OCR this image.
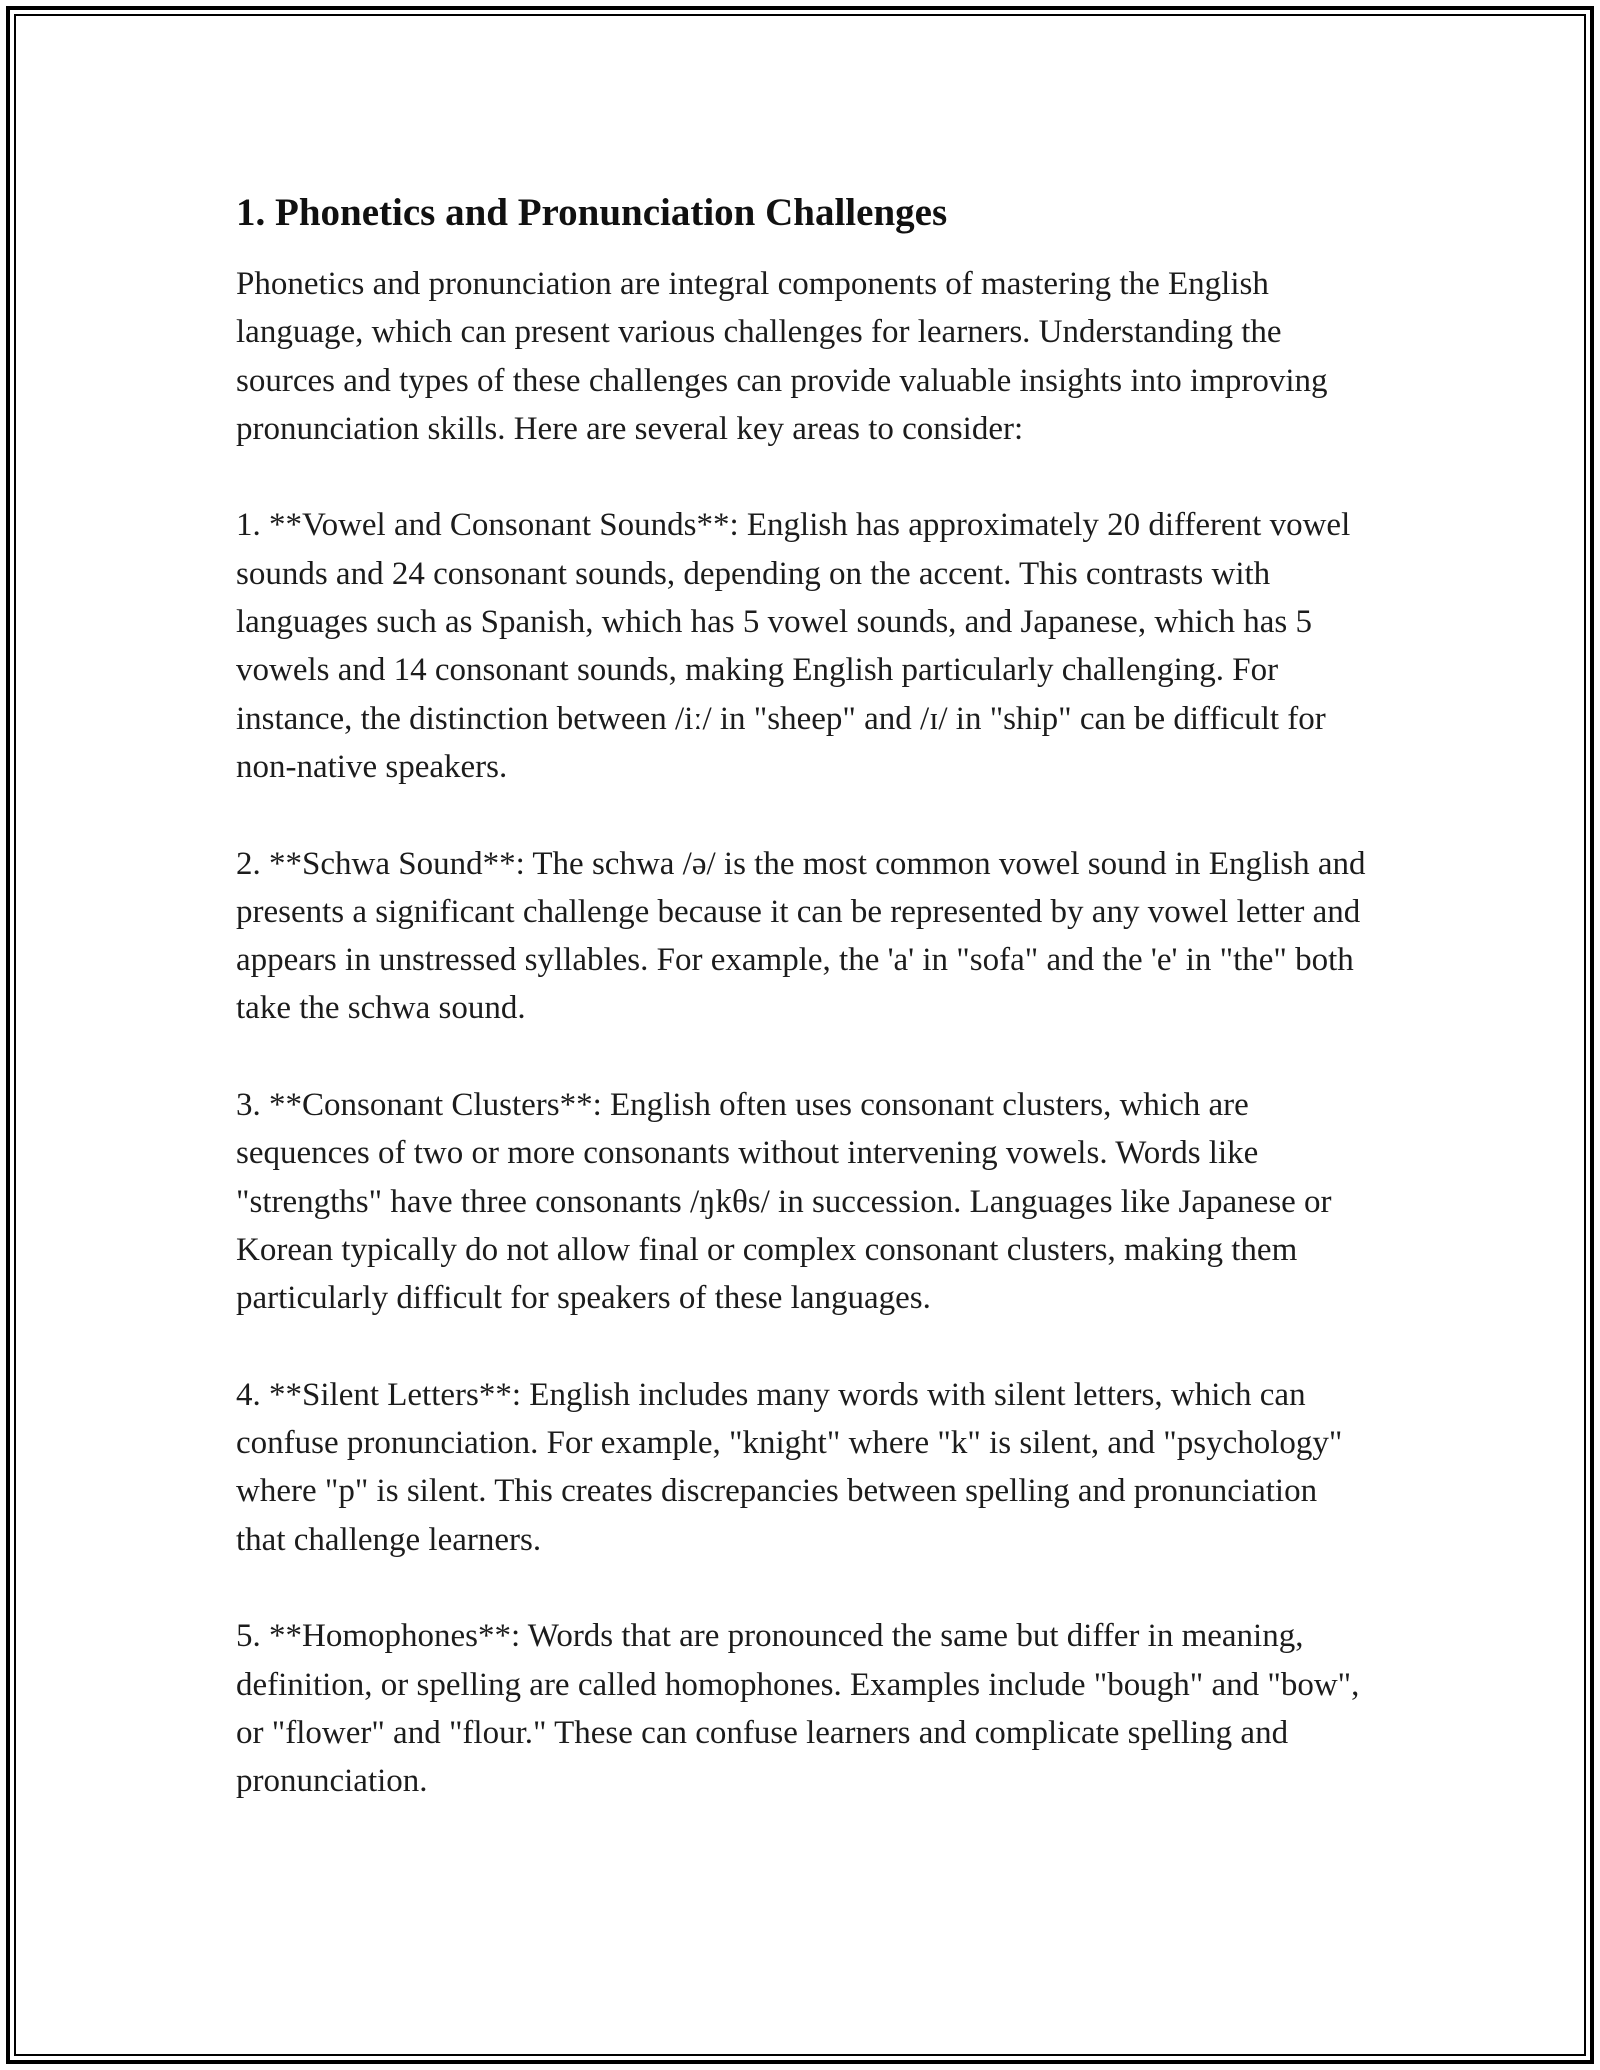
1. Phonetics and Pronunciation Challenges

Phonetics and pronunciation are integral components of mastering the English language, which can present various challenges for learners. Understanding the sources and types of these challenges can provide valuable insights into improving pronunciation skills. Here are several key areas to consider:

1. **Vowel and Consonant Sounds**: English has approximately 20 different vowel sounds and 24 consonant sounds, depending on the accent. This contrasts with languages such as Spanish, which has 5 vowel sounds, and Japanese, which has 5 vowels and 14 consonant sounds, making English particularly challenging. For instance, the distinction between /iː/ in "sheep" and /ɪ/ in "ship" can be difficult for non-native speakers.

2. **Schwa Sound**: The schwa /ə/ is the most common vowel sound in English and presents a significant challenge because it can be represented by any vowel letter and appears in unstressed syllables. For example, the 'a' in "sofa" and the 'e' in "the" both take the schwa sound.

3. **Consonant Clusters**: English often uses consonant clusters, which are sequences of two or more consonants without intervening vowels. Words like "strengths" have three consonants /ŋkθs/ in succession. Languages like Japanese or Korean typically do not allow final or complex consonant clusters, making them particularly difficult for speakers of these languages.

4. **Silent Letters**: English includes many words with silent letters, which can confuse pronunciation. For example, "knight" where "k" is silent, and "psychology" where "p" is silent. This creates discrepancies between spelling and pronunciation that challenge learners.

5. **Homophones**: Words that are pronounced the same but differ in meaning, definition, or spelling are called homophones. Examples include "bough" and "bow", or "flower" and "flour." These can confuse learners and complicate spelling and pronunciation.
